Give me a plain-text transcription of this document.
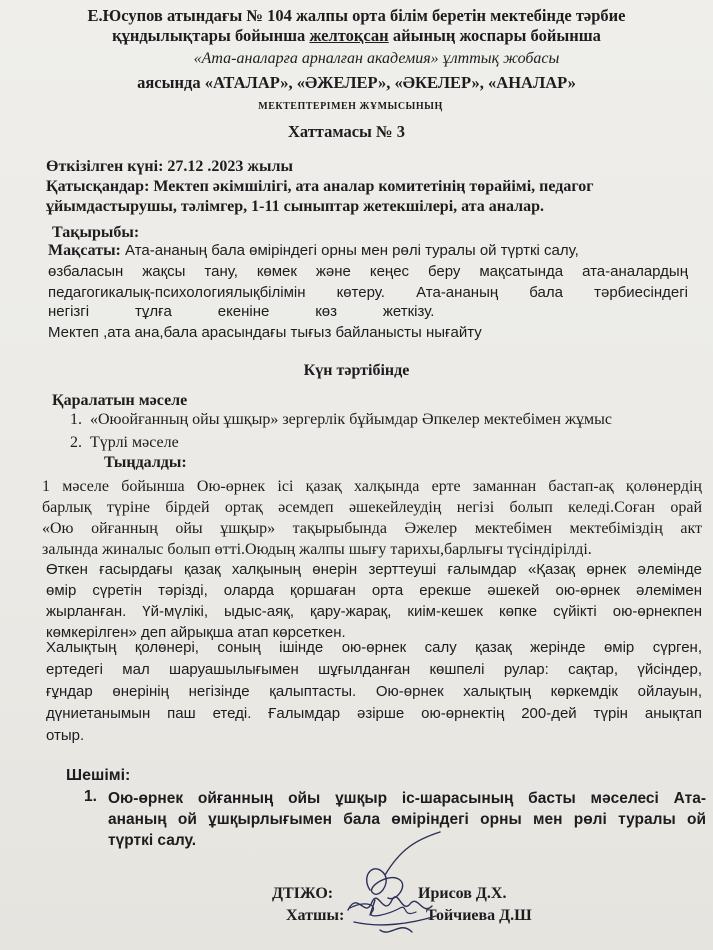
Е.Юсупов атындағы № 104 жалпы орта білім беретін мектебінде тәрбие
құндылықтары бойынша желтоқсан айының жоспары бойынша
«Ата-аналарға арналған академия» ұлттық жобасы
аясында «АТАЛАР», «ӘЖЕЛЕР», «ӘКЕЛЕР», «АНАЛАР»
МЕКТЕПТЕРІМЕН ЖҰМЫСЫНЫҢ
Хаттамасы № 3
Өткізілген күні: 27.12 .2023 жылы
Қатысқандар: Мектеп әкімшілігі, ата аналар комитетінің төрайімі, педагог
ұйымдастырушы, тәлімгер, 1-11 сыныптар жетекшілері, ата аналар.
Тақырыбы:
Мақсаты: Ата-ананың бала өміріндегі орны мен рөлі туралы ой түрткі салу,
өзбаласын жақсы тану, көмек және кеңес беру мақсатында ата-аналардың
педагогикалық-психологиялықбілімін көтеру. Ата-ананың бала тәрбиесіндегі
негізгі           тұлға           екеніне           көз           жеткізу.
Мектеп ,ата ана,бала арасындағы тығыз байланысты нығайту
Күн тәртібінде
Қаралатын мәселе
1.  «Оюойғанның ойы ұшқыр» зергерлік бұйымдар Әпкелер мектебімен жұмыс
2.  Түрлі мәселе
Тыңдалды:
1 мәселе бойынша Ою-өрнек ісі қазақ халқында ерте заманнан бастап-ақ қолөнердің
барлық түріне бірдей ортақ әсемдеп әшекейлеудің негізі болып келеді.Соған орай
«Ою ойғанның ойы ұшқыр» тақырыбында Әжелер мектебімен мектебіміздің акт
залында жиналыс болып өтті.Оюдың жалпы шығу тарихы,барлығы түсіндірілді.
Өткен ғасырдағы қазақ халқының өнерін зерттеуші ғалымдар «Қазақ өрнек әлемінде
өмір сүретін тәрізді, оларда қоршаған орта ерекше әшекей ою-өрнек әлемімен
жырланған. Үй-мүлікі, ыдыс-аяқ, қару-жарақ, киім-кешек көпке сүйікті ою-өрнекпен
көмкерілген» деп айрықша атап көрсеткен.
Халықтың қолөнері, соның ішінде ою-өрнек салу қазақ жерінде өмір сүрген,
ертедегі мал шаруашылығымен шұғылданған көшпелі рулар: сақтар, үйсіндер,
ғұндар өнерінің негізінде қалыптасты. Ою-өрнек халықтың көркемдік ойлауын,
дүниетанымын паш етеді. Ғалымдар әзірше ою-өрнектің 200-дей түрін анықтап
отыр.
Шешімі:
1. Ою-өрнек ойғанның ойы ұшқыр іс-шарасының басты мәселесі Ата-
ананың ой ұшқырлығымен бала өміріндегі орны мен рөлі туралы ой
түрткі салу.
ДТІЖО:	Ирисов Д.Х.
Хатшы:	Тойчиева Д.Ш
